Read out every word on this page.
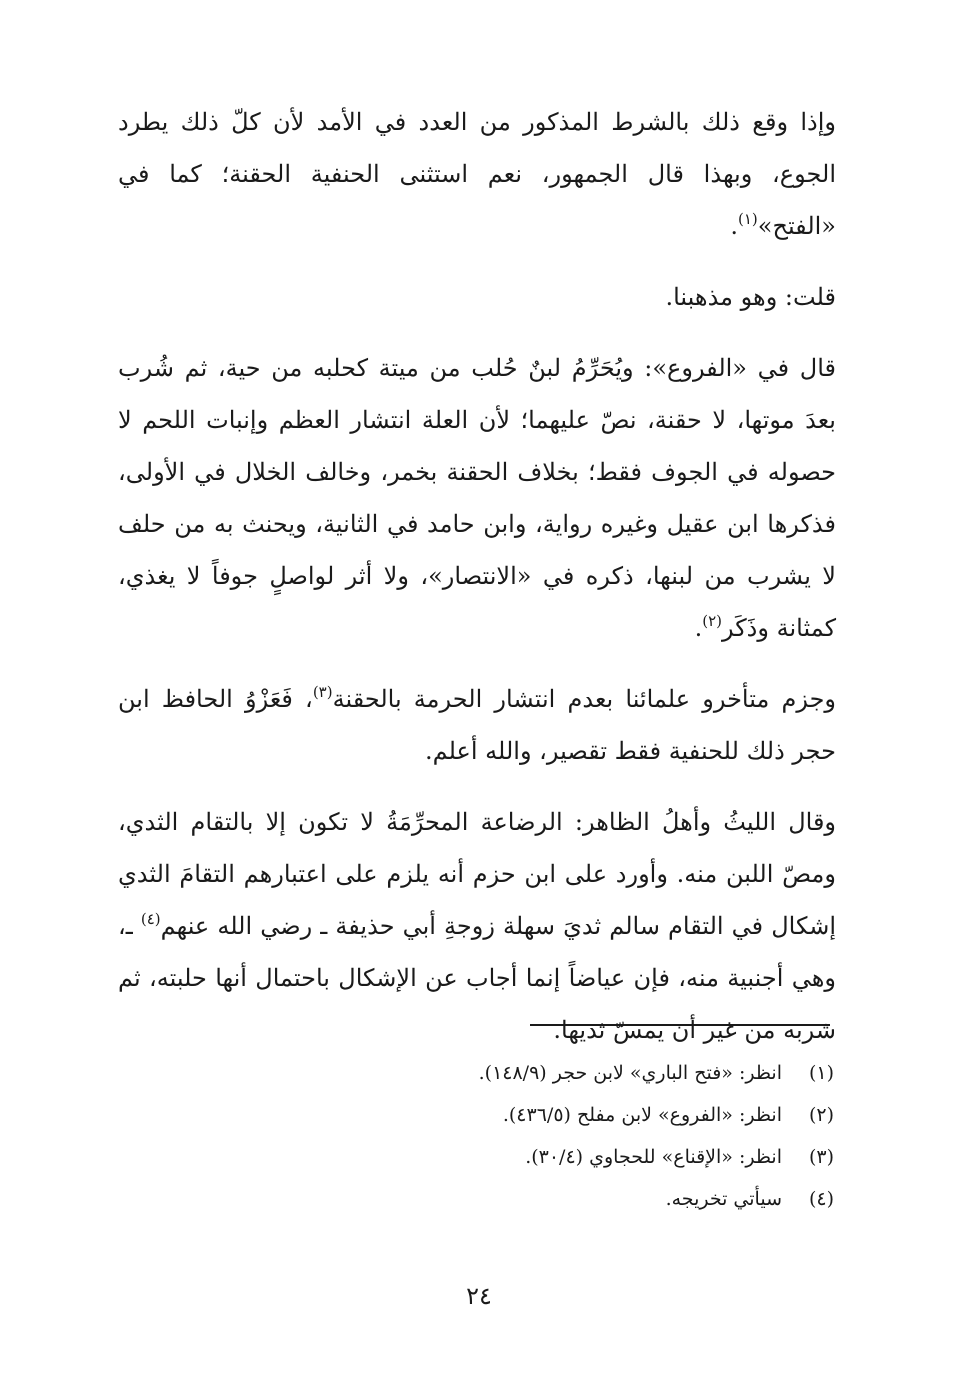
وإذا وقع ذلك بالشرط المذكور من العدد في الأمد لأن كلّ ذلك يطرد الجوع، وبهذا قال الجمهور، نعم استثنى الحنفية الحقنة؛ كما في «الفتح»$^{(١)}$.

قلت: وهو مذهبنا.

قال في «الفروع»: ويُحَرِّمُ لبنٌ حُلب من ميتة كحلبه من حية، ثم شُرب بعدَ موتها، لا حقنة، نصّ عليهما؛ لأن العلة انتشار العظم وإنبات اللحم لا حصوله في الجوف فقط؛ بخلاف الحقنة بخمر، وخالف الخلال في الأولى، فذكرها ابن عقيل وغيره رواية، وابن حامد في الثانية، ويحنث به من حلف لا يشرب من لبنها، ذكره في «الانتصار»، ولا أثر لواصلٍ جوفاً لا يغذي، كمثانة وذَكَر$^{(٢)}$.

وجزم متأخرو علمائنا بعدم انتشار الحرمة بالحقنة$^{(٣)}$، فَعَزْوُ الحافظ ابن حجر ذلك للحنفية فقط تقصير، والله أعلم.

وقال الليثُ وأهلُ الظاهر: الرضاعة المحرِّمَةُ لا تكون إلا بالتقام الثدي، ومصّ اللبن منه. وأورد على ابن حزم أنه يلزم على اعتبارهم التقامَ الثدي إشكال في التقام سالم ثديَ سهلة زوجةِ أبي حذيفة ـ رضي الله عنهم$^{(٤)}$ ـ، وهي أجنبية منه، فإن عياضاً إنما أجاب عن الإشكال باحتمال أنها حلبته، ثم شربه من غير أن يمسّ ثديها.

(١)
انظر: «فتح الباري» لابن حجر (١٤٨/٩).
(٢)
انظر: «الفروع» لابن مفلح (٤٣٦/٥).
(٣)
انظر: «الإقناع» للحجاوي (٣٠/٤).
(٤)
سيأتي تخريجه.
٢٤
